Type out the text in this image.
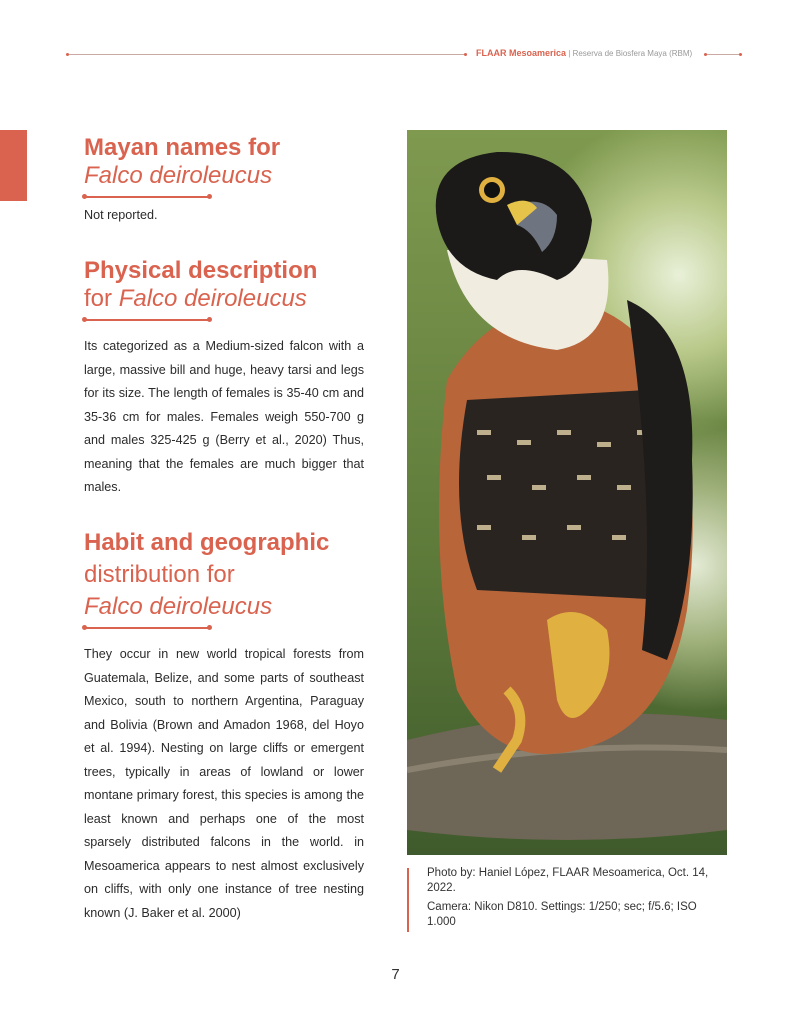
FLAAR Mesoamerica | Reserva de Biosfera Maya (RBM)
Mayan names for
Falco deiroleucus

Not reported.

Physical description
for Falco deiroleucus

Its categorized as a Medium-sized falcon with a large, massive bill and huge, heavy tarsi and legs for its size. The length of females is 35-40 cm and 35-36 cm for males. Females weigh 550-700 g and males 325-425 g (Berry et al., 2020) Thus, meaning that the females are much bigger that males.

Habit and geographic
distribution for
Falco deiroleucus

They occur in new world tropical forests from Guatemala, Belize, and some parts of southeast Mexico, south to northern Argentina, Paraguay and Bolivia (Brown and Amadon 1968, del Hoyo et al. 1994). Nesting on large cliffs or emergent trees, typically in areas of lowland or lower montane primary forest, this species is among the least known and perhaps one of the most sparsely distributed falcons in the world. in Mesoamerica appears to nest almost exclusively on cliffs, with only one instance of tree nesting known (J. Baker et al. 2000)

Photo by: Haniel López, FLAAR Mesoamerica, Oct. 14, 2022.
Camera: Nikon D810. Settings: 1/250; sec; f/5.6; ISO 1.000
7
